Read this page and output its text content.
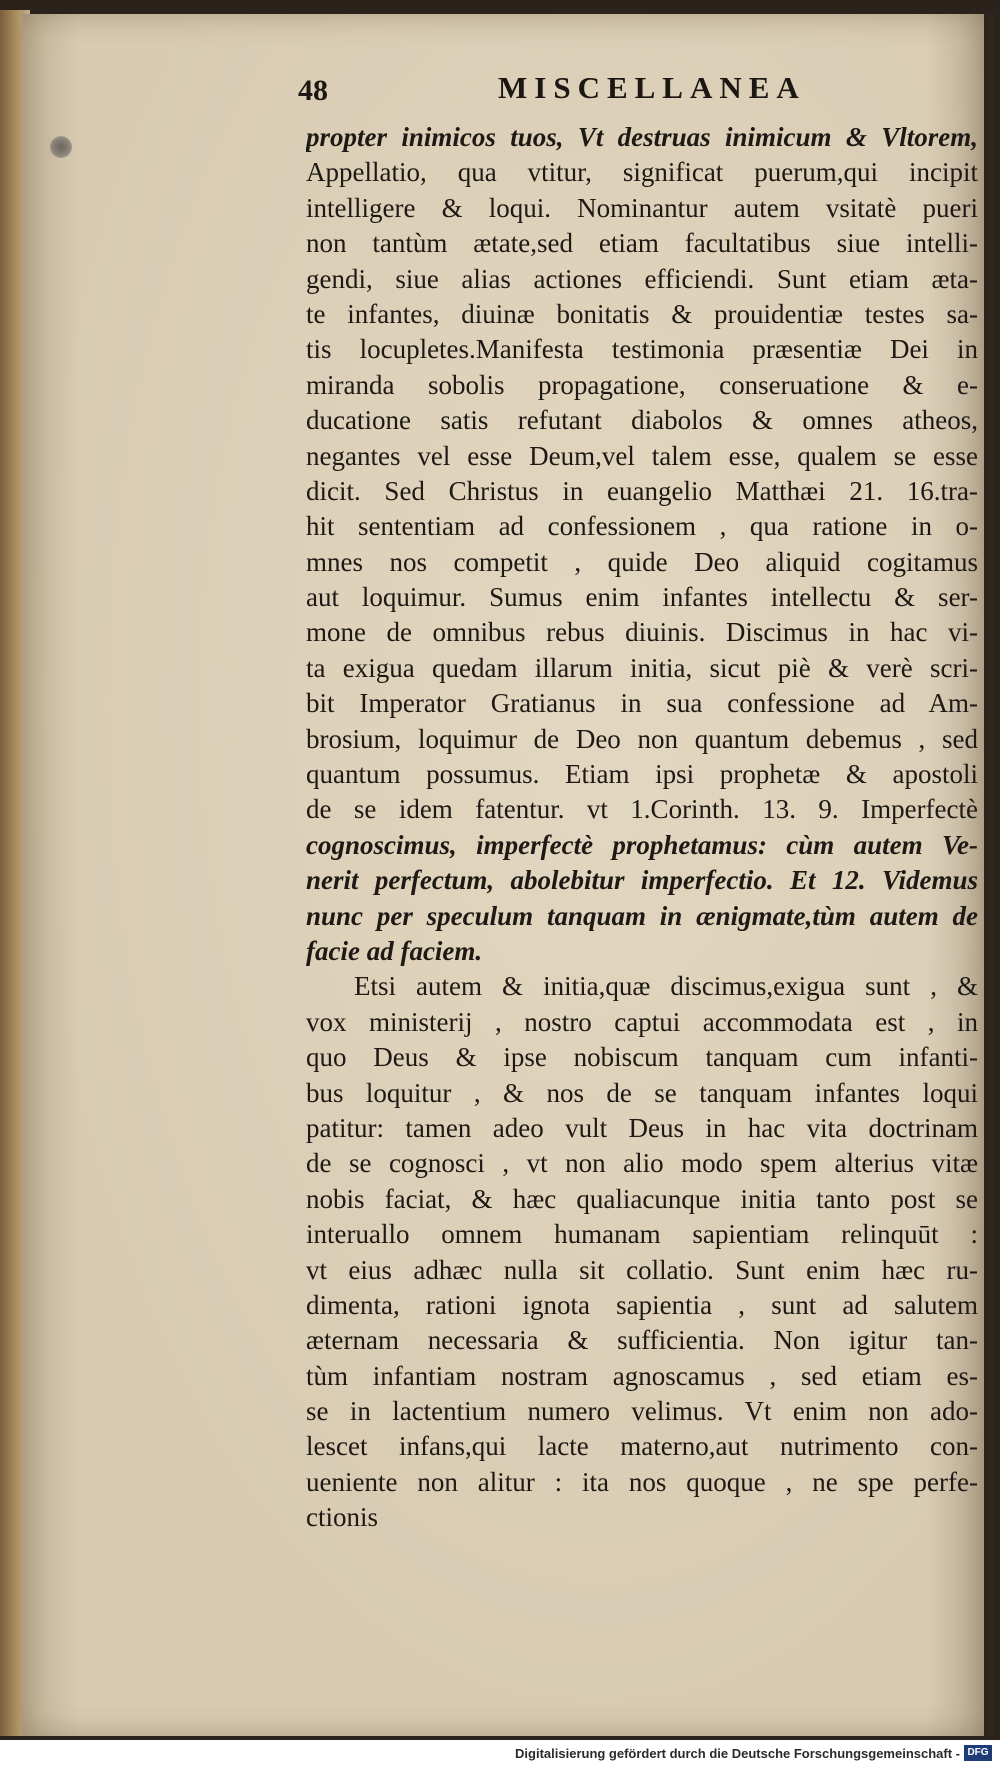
48	MISCELLANEA
propter inimicos tuos, Vt destruas inimicum & Vltorem,
Appellatio, qua vtitur, significat puerum,qui incipit
intelligere & loqui. Nominantur autem vsitatè pueri
non tantùm ætate,sed etiam facultatibus siue intelli-
gendi, siue alias actiones efficiendi. Sunt etiam æta-
te infantes, diuinæ bonitatis & prouidentiæ testes sa-
tis locupletes.Manifesta testimonia præsentiæ Dei in
miranda sobolis propagatione, conseruatione & e-
ducatione satis refutant diabolos & omnes atheos,
negantes vel esse Deum,vel talem esse, qualem se esse
dicit. Sed Christus in euangelio Matthæi 21. 16.tra-
hit sententiam ad confessionem , qua ratione in o-
mnes nos competit , quide Deo aliquid cogitamus
aut loquimur. Sumus enim infantes intellectu & ser-
mone de omnibus rebus diuinis. Discimus in hac vi-
ta exigua quedam illarum initia, sicut piè & verè scri-
bit Imperator Gratianus in sua confessione ad Am-
brosium, loquimur de Deo non quantum debemus , sed
quantum possumus. Etiam ipsi prophetæ & apostoli
de se idem fatentur. vt 1.Corinth. 13. 9. Imperfectè
cognoscimus, imperfectè prophetamus: cùm autem Ve-
nerit perfectum, abolebitur imperfectio. Et 12. Videmus
nunc per speculum tanquam in ænigmate,tùm autem de
facie ad faciem.
Etsi autem & initia,quæ discimus,exigua sunt , &
vox ministerij , nostro captui accommodata est , in
quo Deus & ipse nobiscum tanquam cum infanti-
bus loquitur , & nos de se tanquam infantes loqui
patitur: tamen adeo vult Deus in hac vita doctrinam
de se cognosci , vt non alio modo spem alterius vitæ
nobis faciat, & hæc qualiacunque initia tanto post se
interuallo omnem humanam sapientiam relinquūt :
vt eius adhæc nulla sit collatio. Sunt enim hæc ru-
dimenta, rationi ignota sapientia , sunt ad salutem
æternam necessaria & sufficientia. Non igitur tan-
tùm infantiam nostram agnoscamus , sed etiam es-
se in lactentium numero velimus. Vt enim non ado-
lescet infans,qui lacte materno,aut nutrimento con-
ueniente non alitur : ita nos quoque , ne spe perfe-
ctionis
Digitalisierung gefördert durch die Deutsche Forschungsgemeinschaft - DFG
